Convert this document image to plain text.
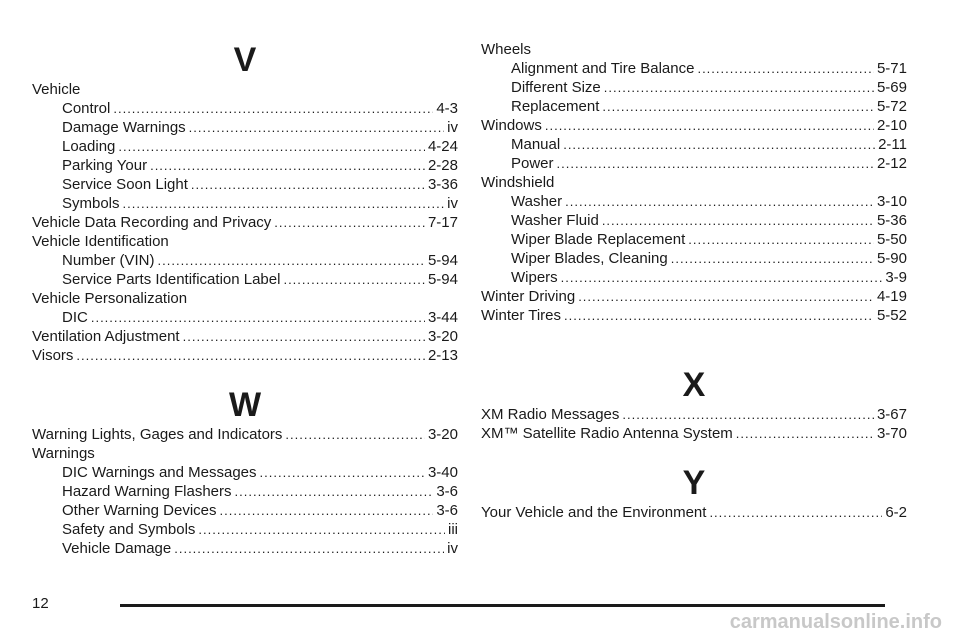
V
Vehicle
Control .....	4-3
Damage Warnings .....	iv
Loading .....	4-24
Parking Your .....	2-28
Service Soon Light .....	3-36
Symbols .....	iv
Vehicle Data Recording and Privacy .....	7-17
Vehicle Identification
Number (VIN) .....	5-94
Service Parts Identification Label .....	5-94
Vehicle Personalization
DIC .....	3-44
Ventilation Adjustment .....	3-20
Visors .....	2-13
W
Warning Lights, Gages and Indicators .....	3-20
Warnings
DIC Warnings and Messages .....	3-40
Hazard Warning Flashers .....	3-6
Other Warning Devices .....	3-6
Safety and Symbols .....	iii
Vehicle Damage .....	iv
Wheels
Alignment and Tire Balance .....	5-71
Different Size .....	5-69
Replacement .....	5-72
Windows .....	2-10
Manual .....	2-11
Power .....	2-12
Windshield
Washer .....	3-10
Washer Fluid .....	5-36
Wiper Blade Replacement .....	5-50
Wiper Blades, Cleaning .....	5-90
Wipers .....	3-9
Winter Driving .....	4-19
Winter Tires .....	5-52
X
XM Radio Messages .....	3-67
XM™ Satellite Radio Antenna System .....	3-70
Y
Your Vehicle and the Environment .....	6-2
12
carmanualsonline.info
